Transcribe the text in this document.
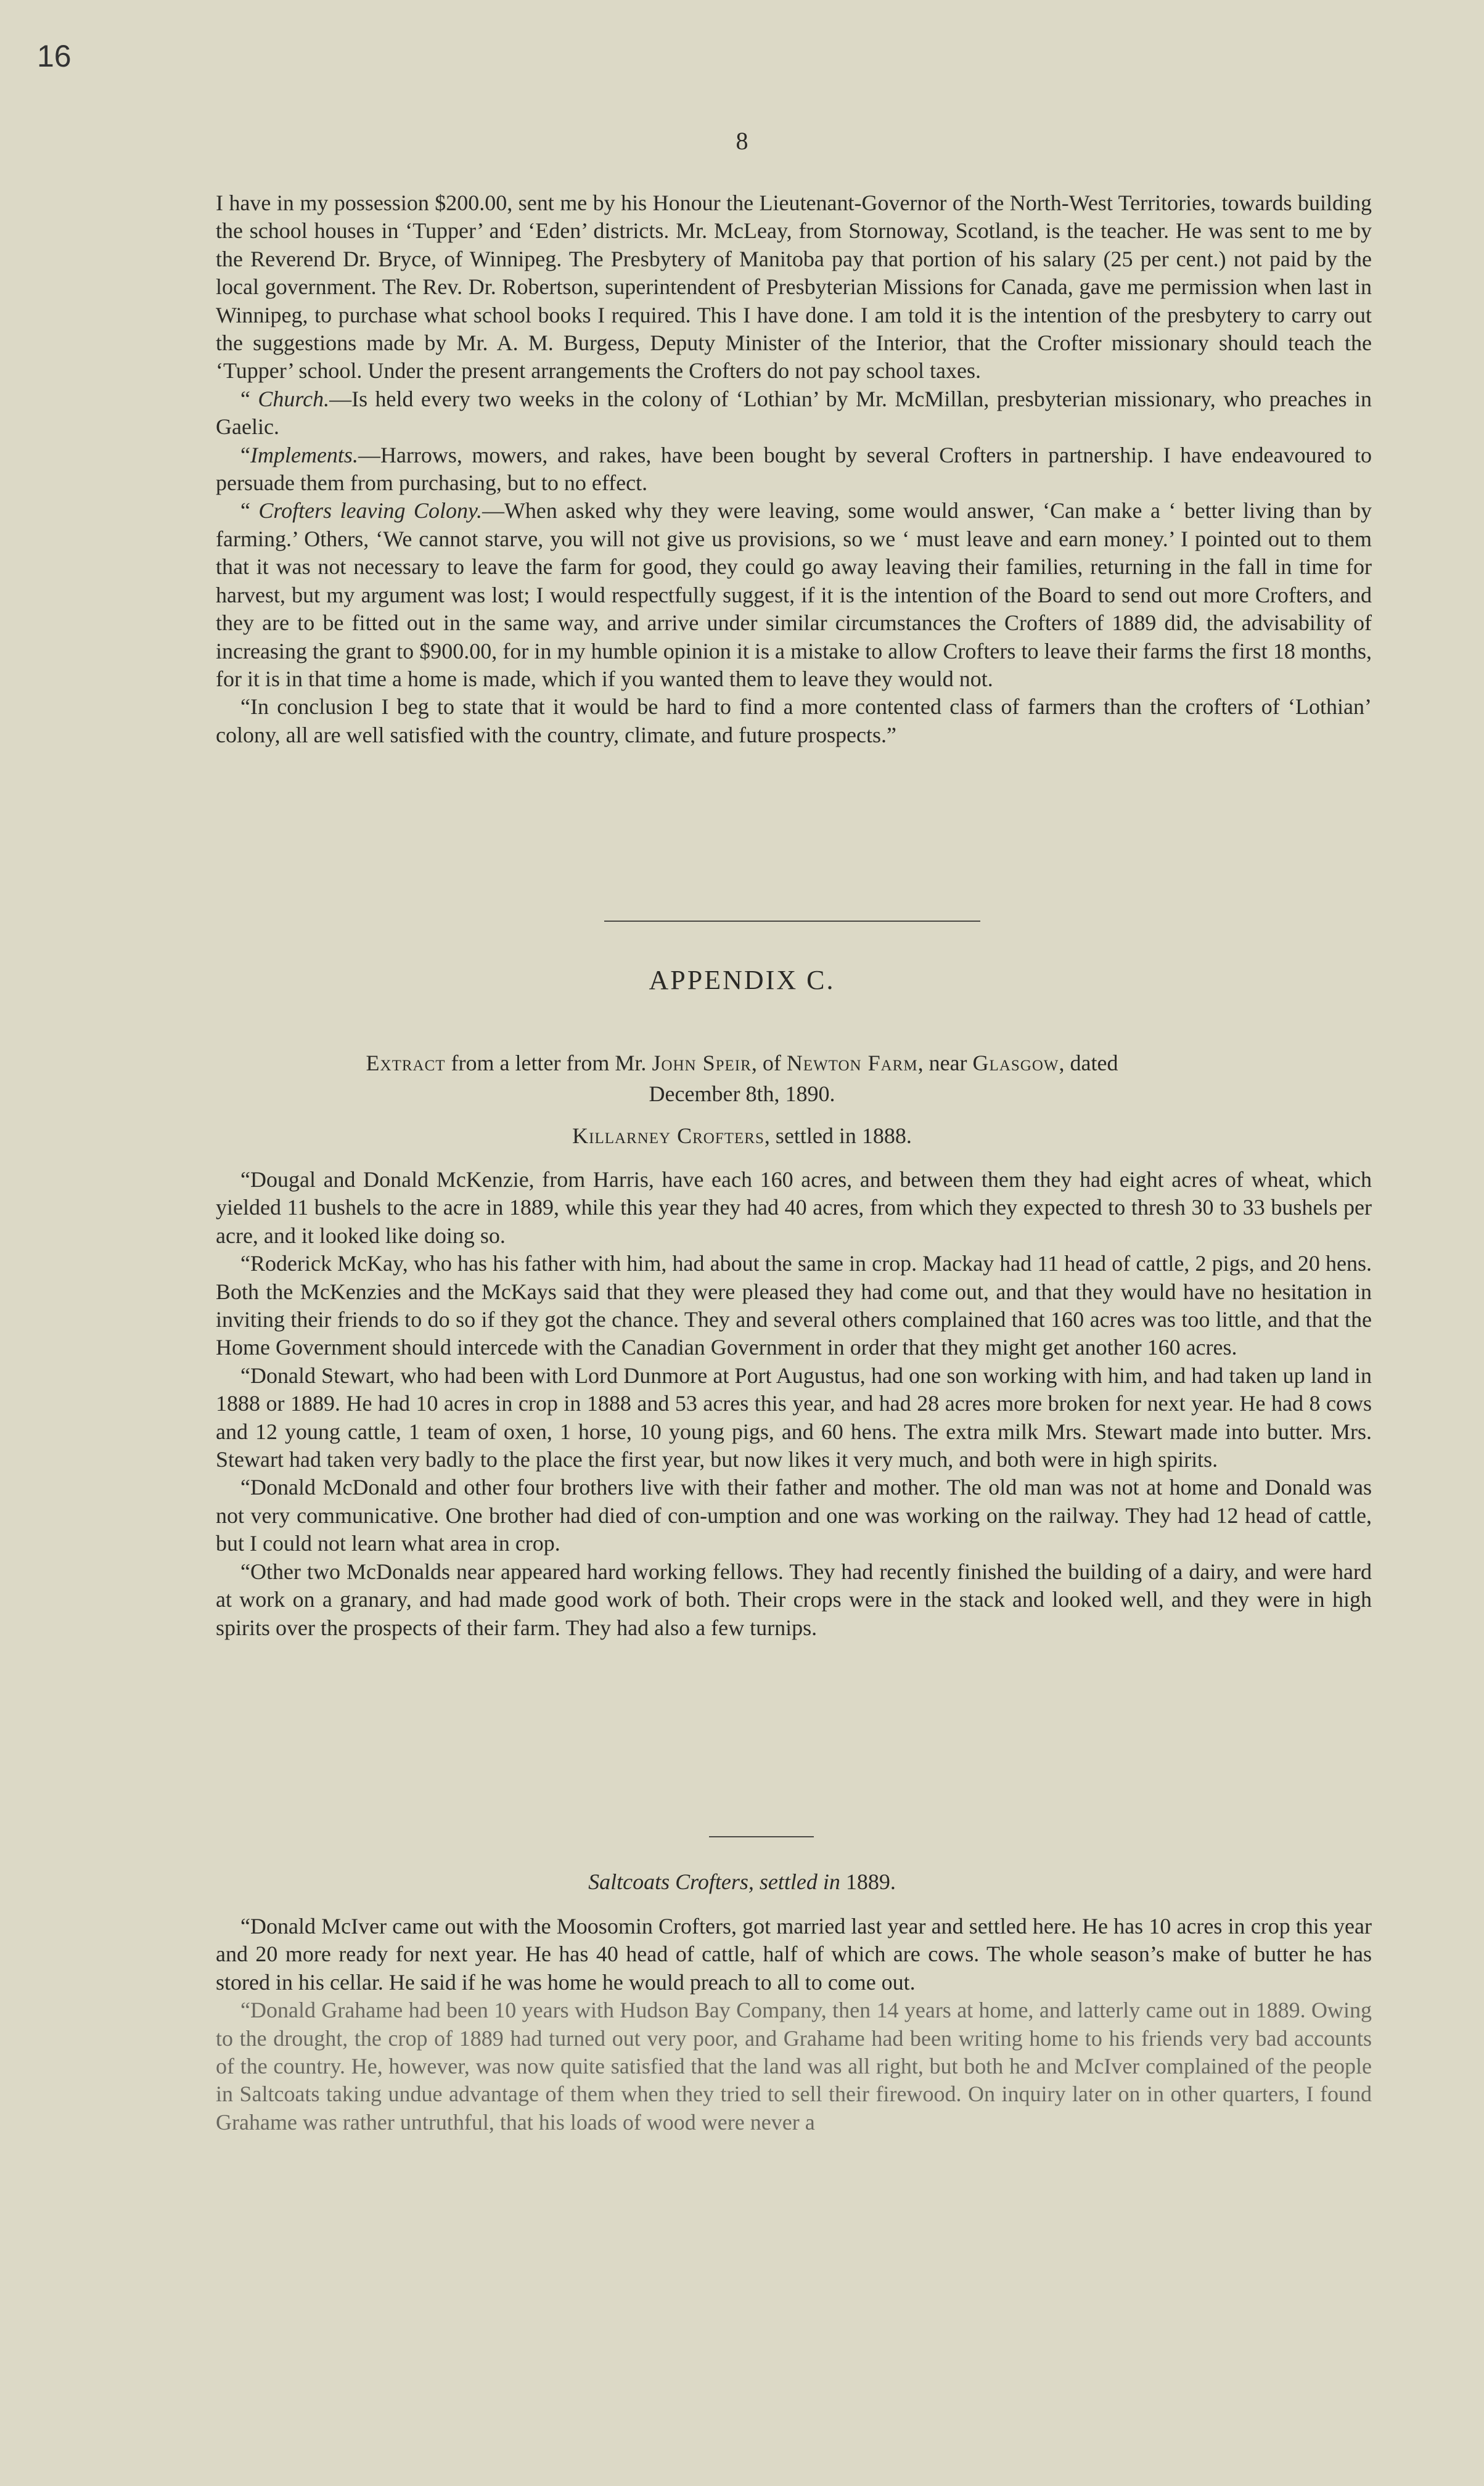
16
8

I have in my possession $200.00, sent me by his Honour the Lieutenant-Governor of the North-West Territories, towards building the school houses in ‘Tupper’ and ‘Eden’ districts. Mr. McLeay, from Stornoway, Scotland, is the teacher. He was sent to me by the Reverend Dr. Bryce, of Winnipeg. The Presbytery of Manitoba pay that portion of his salary (25 per cent.) not paid by the local government. The Rev. Dr. Robertson, superintendent of Presbyterian Missions for Canada, gave me permission when last in Winnipeg, to purchase what school books I required. This I have done. I am told it is the intention of the presbytery to carry out the suggestions made by Mr. A. M. Burgess, Deputy Minister of the Interior, that the Crofter missionary should teach the ‘Tupper’ school. Under the present arrangements the Crofters do not pay school taxes.

“ Church.—Is held every two weeks in the colony of ‘Lothian’ by Mr. McMillan, presbyterian missionary, who preaches in Gaelic.

“Implements.—Harrows, mowers, and rakes, have been bought by several Crofters in partnership. I have endeavoured to persuade them from purchasing, but to no effect.

“ Crofters leaving Colony.—When asked why they were leaving, some would answer, ‘Can make a ‘ better living than by farming.’ Others, ‘We cannot starve, you will not give us provisions, so we ‘ must leave and earn money.’ I pointed out to them that it was not necessary to leave the farm for good, they could go away leaving their families, returning in the fall in time for harvest, but my argument was lost; I would respectfully suggest, if it is the intention of the Board to send out more Crofters, and they are to be fitted out in the same way, and arrive under similar circumstances the Crofters of 1889 did, the advisability of increasing the grant to $900.00, for in my humble opinion it is a mistake to allow Crofters to leave their farms the first 18 months, for it is in that time a home is made, which if you wanted them to leave they would not.

“In conclusion I beg to state that it would be hard to find a more contented class of farmers than the crofters of ‘Lothian’ colony, all are well satisfied with the country, climate, and future prospects.”

APPENDIX C.
Extract from a letter from Mr. John Speir, of Newton Farm, near Glasgow, dated
December 8th, 1890.
Killarney Crofters, settled in 1888.

“Dougal and Donald McKenzie, from Harris, have each 160 acres, and between them they had eight acres of wheat, which yielded 11 bushels to the acre in 1889, while this year they had 40 acres, from which they expected to thresh 30 to 33 bushels per acre, and it looked like doing so.

“Roderick McKay, who has his father with him, had about the same in crop. Mackay had 11 head of cattle, 2 pigs, and 20 hens. Both the McKenzies and the McKays said that they were pleased they had come out, and that they would have no hesitation in inviting their friends to do so if they got the chance. They and several others complained that 160 acres was too little, and that the Home Government should intercede with the Canadian Government in order that they might get another 160 acres.

“Donald Stewart, who had been with Lord Dunmore at Port Augustus, had one son working with him, and had taken up land in 1888 or 1889. He had 10 acres in crop in 1888 and 53 acres this year, and had 28 acres more broken for next year. He had 8 cows and 12 young cattle, 1 team of oxen, 1 horse, 10 young pigs, and 60 hens. The extra milk Mrs. Stewart made into butter. Mrs. Stewart had taken very badly to the place the first year, but now likes it very much, and both were in high spirits.

“Donald McDonald and other four brothers live with their father and mother. The old man was not at home and Donald was not very communicative. One brother had died of con-umption and one was working on the railway. They had 12 head of cattle, but I could not learn what area in crop.

“Other two McDonalds near appeared hard working fellows. They had recently finished the building of a dairy, and were hard at work on a granary, and had made good work of both. Their crops were in the stack and looked well, and they were in high spirits over the prospects of their farm. They had also a few turnips.

Saltcoats Crofters, settled in 1889.

“Donald McIver came out with the Moosomin Crofters, got married last year and settled here. He has 10 acres in crop this year and 20 more ready for next year. He has 40 head of cattle, half of which are cows. The whole season’s make of butter he has stored in his cellar. He said if he was home he would preach to all to come out.

“Donald Grahame had been 10 years with Hudson Bay Company, then 14 years at home, and latterly came out in 1889. Owing to the drought, the crop of 1889 had turned out very poor, and Grahame had been writing home to his friends very bad accounts of the country. He, however, was now quite satisfied that the land was all right, but both he and McIver complained of the people in Saltcoats taking undue advantage of them when they tried to sell their firewood. On inquiry later on in other quarters, I found Grahame was rather untruthful, that his loads of wood were never a
